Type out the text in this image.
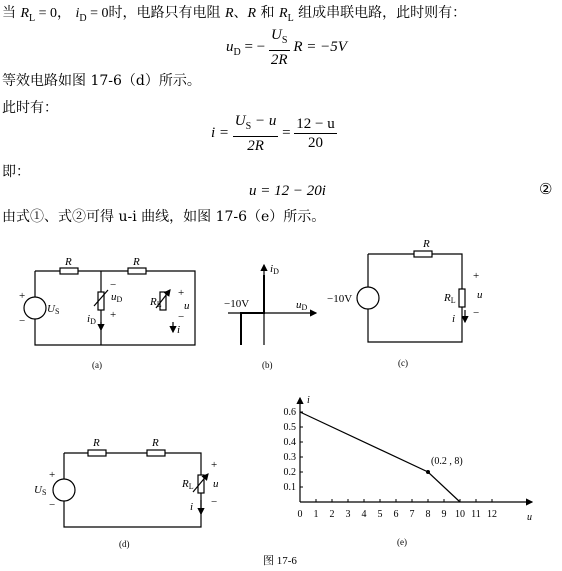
当 $R_L = 0$， $i_D = 0$时，电路只有电阻 R、R 和 $R_L$ 组成串联电路，此时则有：
$u_D$ = − $\frac{U_S}{2R}$ R = −5V
等效电路如图 17-6（d）所示。
此时有：
$i = \frac{U_S - u}{2R} = \frac{12 - u}{20}$
即：
u = 12 − 20i	②
由式①、式②可得 u-i 曲线，如图 17-6（e）所示。
R	R
US
+
−
uD
−
+
iD
RL
+
u
−
i
(a)
iD
uD
−10V
(b)
R
−10V	RL
+
u
−
i
(c)
R	R
+
US
−
RL
+
u
−
i
(d)
0 1 2 3 4 5 6 7 8 9 10 11 12
0.1
0.2
0.3
0.4
0.5
0.6
u
i
(0.2 , 8)
(e)
图 17-6
